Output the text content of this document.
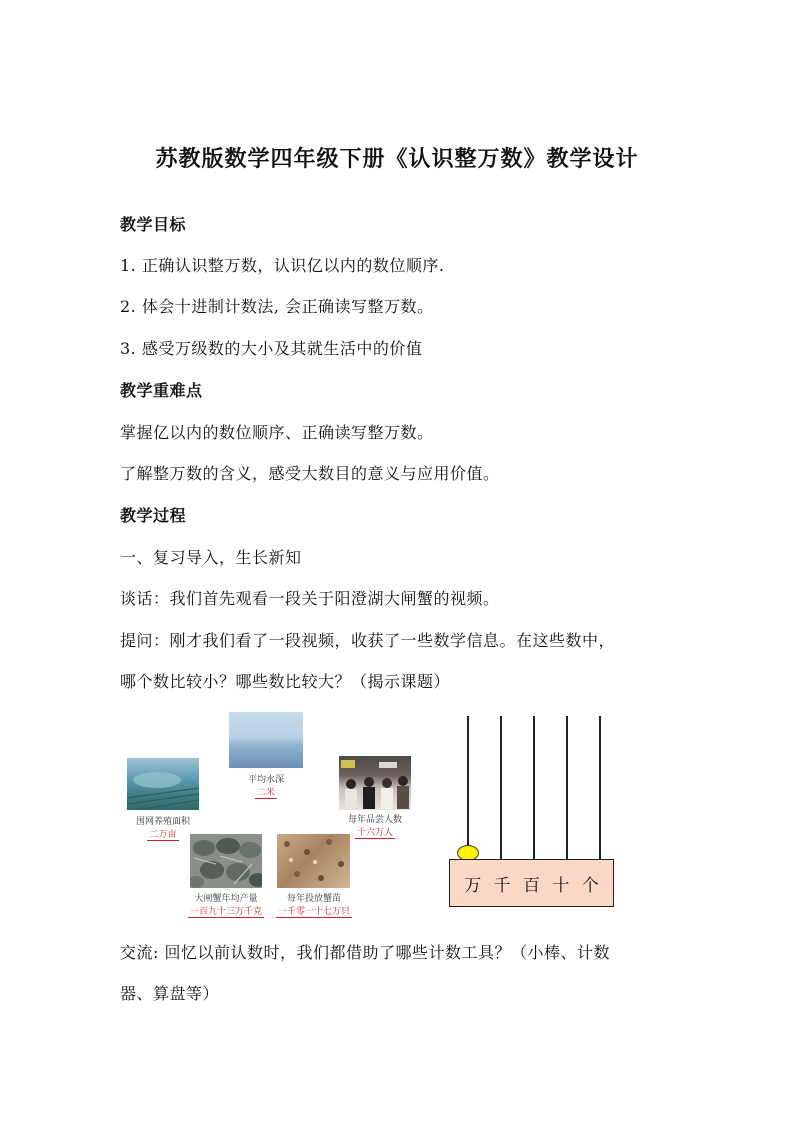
苏教版数学四年级下册《认识整万数》教学设计
教学目标
1. 正确认识整万数，认识亿以内的数位顺序.
2. 体会十进制计数法, 会正确读写整万数。
3. 感受万级数的大小及其就生活中的价值
教学重难点
掌握亿以内的数位顺序、正确读写整万数。
了解整万数的含义，感受大数目的意义与应用价值。
教学过程
一、复习导入，生长新知
谈话：我们首先观看一段关于阳澄湖大闸蟹的视频。
提问：刚才我们看了一段视频，收获了一些数学信息。在这些数中，
哪个数比较小？哪些数比较大？（揭示课题）
平均水深
二米
围网养殖面积
二万亩
每年品尝人数
十六万人
大闸蟹年均产量
一百九十三万千克
每年投放蟹苗
一千零一十七万只
万 千 百 十 个
交流: 回忆以前认数时，我们都借助了哪些计数工具？（小棒、计数
器、算盘等）
